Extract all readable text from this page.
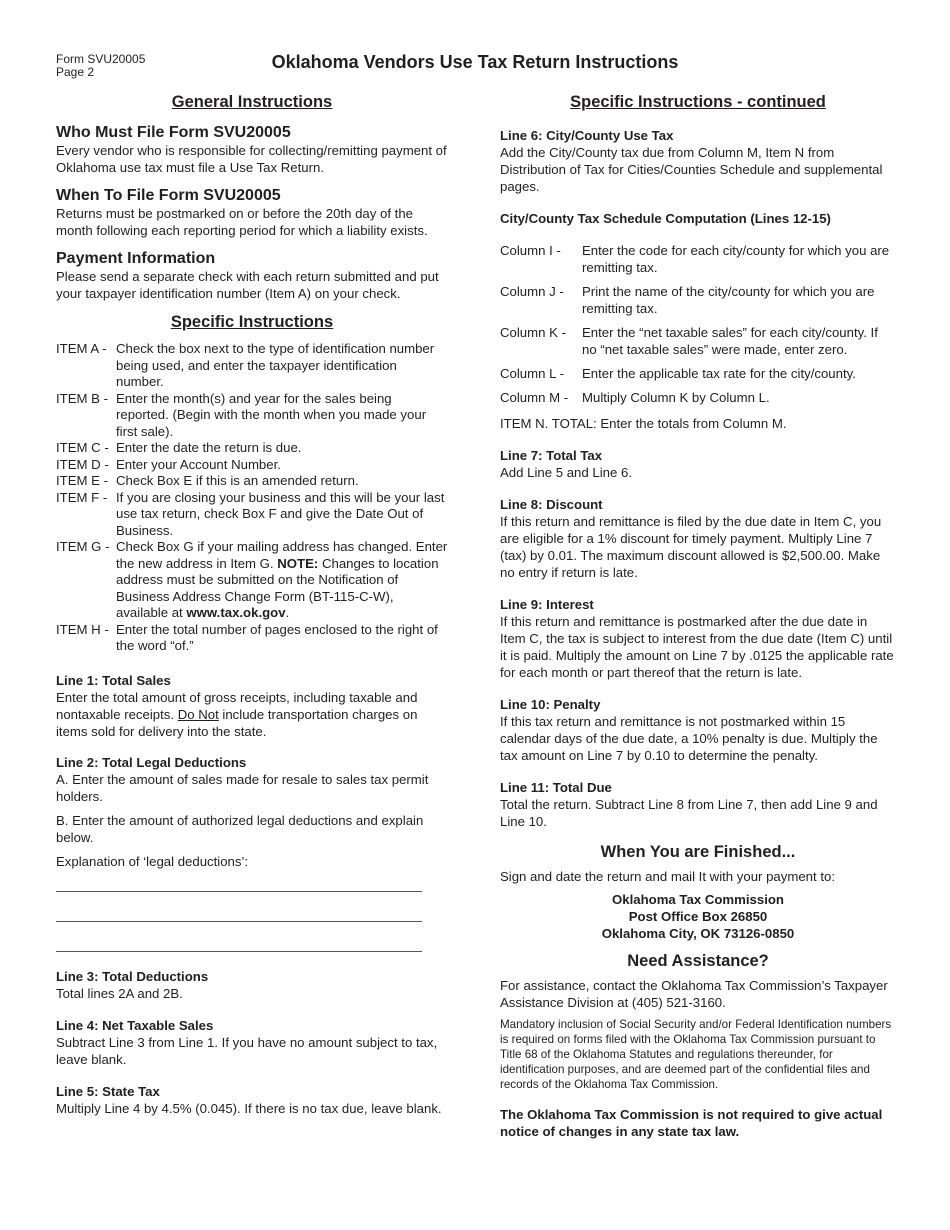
Form SVU20005
Page 2	Oklahoma Vendors Use Tax Return Instructions
General Instructions
Who Must File Form SVU20005

Every vendor who is responsible for collecting/remitting payment of Oklahoma use tax must file a Use Tax Return.

When To File Form SVU20005

Returns must be postmarked on or before the 20th day of the month following each reporting period for which a liability exists.

Payment Information

Please send a separate check with each return submitted and put your taxpayer identification number (Item A) on your check.

Specific Instructions
ITEM A - Check the box next to the type of identification number being used, and enter the taxpayer identification number.
ITEM B - Enter the month(s) and year for the sales being reported. (Begin with the month when you made your first sale).
ITEM C - Enter the date the return is due.
ITEM D - Enter your Account Number.
ITEM E - Check Box E if this is an amended return.
ITEM F - If you are closing your business and this will be your last use tax return, check Box F and give the Date Out of Business.
ITEM G - Check Box G if your mailing address has changed. Enter the new address in Item G. NOTE: Changes to location address must be submitted on the Notification of Business Address Change Form (BT-115-C-W), available at www.tax.ok.gov.
ITEM H - Enter the total number of pages enclosed to the right of the word “of.”
Line 1: Total Sales

Enter the total amount of gross receipts, including taxable and nontaxable receipts. Do Not include transportation charges on items sold for delivery into the state.

Line 2: Total Legal Deductions

A. Enter the amount of sales made for resale to sales tax permit holders.

B. Enter the amount of authorized legal deductions and explain below.

Explanation of ‘legal deductions’:

Line 3: Total Deductions

Total lines 2A and 2B.

Line 4: Net Taxable Sales

Subtract Line 3 from Line 1. If you have no amount subject to tax, leave blank.

Line 5: State Tax

Multiply Line 4 by 4.5% (0.045). If there is no tax due, leave blank.

Specific Instructions - continued
Line 6: City/County Use Tax

Add the City/County tax due from Column M, Item N from Distribution of Tax for Cities/Counties Schedule and supplemental pages.

City/County Tax Schedule Computation (Lines 12-15)
Column I -	Enter the code for each city/county for which you are remitting tax.
Column J -	Print the name of the city/county for which you are remitting tax.
Column K -	Enter the “net taxable sales” for each city/county. If no “net taxable sales” were made, enter zero.
Column L -	Enter the applicable tax rate for the city/county.
Column M -	Multiply Column K by Column L.

ITEM N. TOTAL: Enter the totals from Column M.

Line 7: Total Tax

Add Line 5 and Line 6.

Line 8: Discount

If this return and remittance is filed by the due date in Item C, you are eligible for a 1% discount for timely payment. Multiply Line 7 (tax) by 0.01. The maximum discount allowed is $2,500.00. Make no entry if return is late.

Line 9: Interest

If this return and remittance is postmarked after the due date in Item C, the tax is subject to interest from the due date (Item C) until it is paid. Multiply the amount on Line 7 by .0125 the applicable rate for each month or part thereof that the return is late.

Line 10: Penalty

If this tax return and remittance is not postmarked within 15 calendar days of the due date, a 10% penalty is due. Multiply the tax amount on Line 7 by 0.10 to determine the penalty.

Line 11: Total Due

Total the return. Subtract Line 8 from Line 7, then add Line 9 and Line 10.

When You are Finished...

Sign and date the return and mail It with your payment to:

Oklahoma Tax Commission
Post Office Box 26850
Oklahoma City, OK 73126-0850
Need Assistance?

For assistance, contact the Oklahoma Tax Commission’s Taxpayer Assistance Division at (405) 521-3160.

Mandatory inclusion of Social Security and/or Federal Identification numbers is required on forms filed with the Oklahoma Tax Commission pursuant to Title 68 of the Oklahoma Statutes and regulations thereunder, for identification purposes, and are deemed part of the confidential files and records of the Oklahoma Tax Commission.

The Oklahoma Tax Commission is not required to give actual notice of changes in any state tax law.
